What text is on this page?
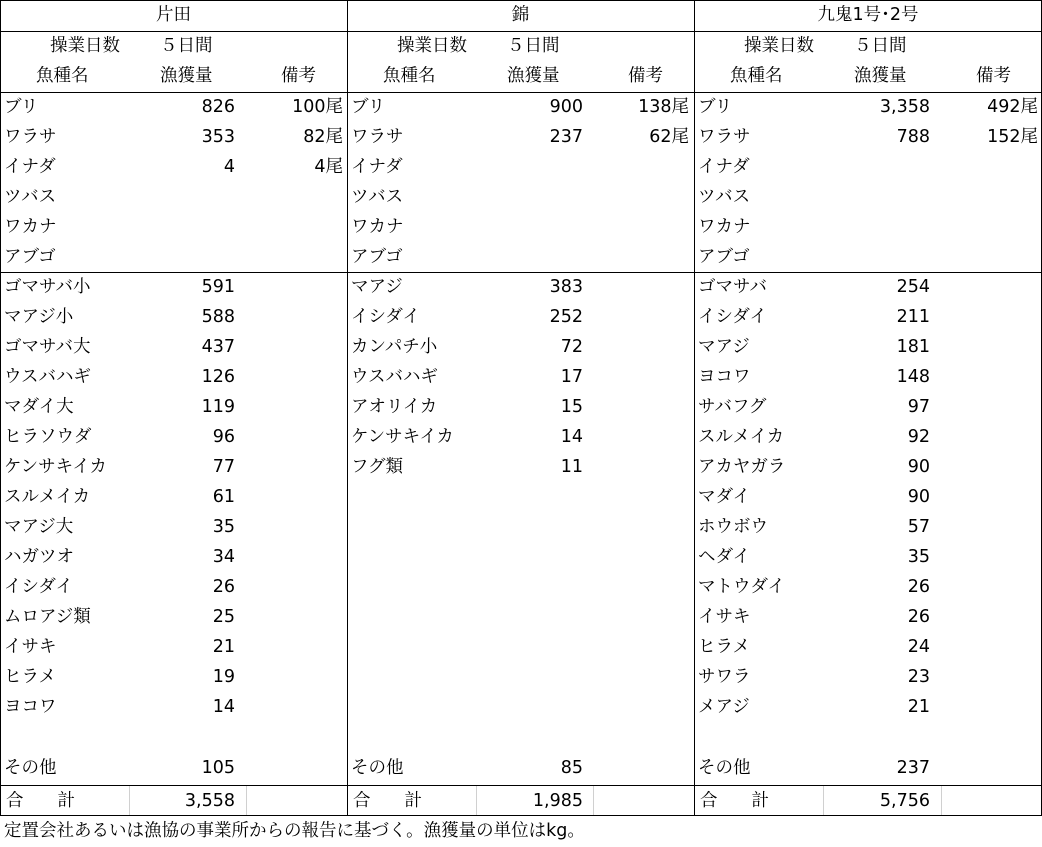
片田
操業日数 ５日間
魚種名	漁獲量	備考
ブリ	826	100尾
ワラサ	353	82尾
イナダ	4	4尾
ツバス
ワカナ
アブゴ
ゴマサバ小	591
マアジ小	588
ゴマサバ大	437
ウスバハギ	126
マダイ大	119
ヒラソウダ	96
ケンサキイカ	77
スルメイカ	61
マアジ大	35
ハガツオ	34
イシダイ	26
ムロアジ類	25
イサキ	21
ヒラメ	19
ヨコワ	14
その他	105
合 計	3,558
錦
操業日数 ５日間
魚種名	漁獲量	備考
ブリ	900	138尾
ワラサ	237	62尾
イナダ
ツバス
ワカナ
アブゴ
マアジ	383
イシダイ	252
カンパチ小	72
ウスバハギ	17
アオリイカ	15
ケンサキイカ	14
フグ類	11
その他	85
合 計	1,985
九鬼1号･2号
操業日数 ５日間
魚種名	漁獲量	備考
ブリ	3,358	492尾
ワラサ	788	152尾
イナダ
ツバス
ワカナ
アブゴ
ゴマサバ	254
イシダイ	211
マアジ	181
ヨコワ	148
サバフグ	97
スルメイカ	92
アカヤガラ	90
マダイ	90
ホウボウ	57
ヘダイ	35
マトウダイ	26
イサキ	26
ヒラメ	24
サワラ	23
メアジ	21
その他	237
合 計	5,756
定置会社あるいは漁協の事業所からの報告に基づく。漁獲量の単位はkg。
